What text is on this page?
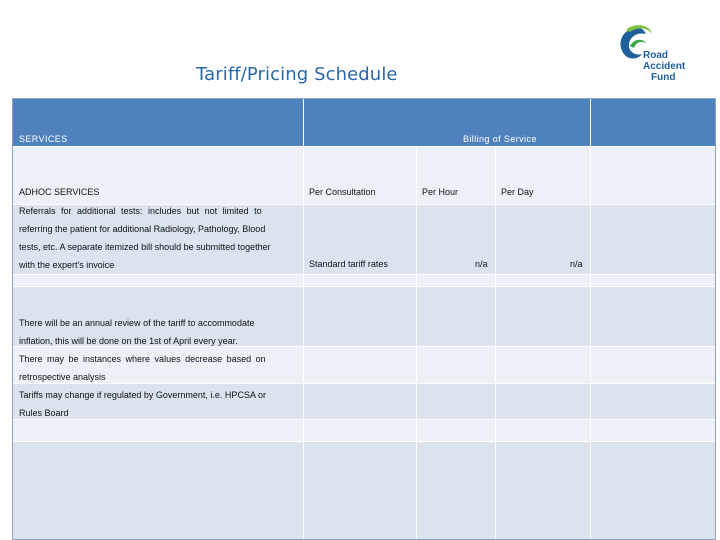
Tariff/Pricing Schedule
Road
Accident
Fund
SERVICES	Billing of Service
ADHOC SERVICES	Per Consultation	Per Hour	Per Day
Referrals for additional tests: includes but not limited to
referring the patient for additional Radiology, Pathology, Blood
tests, etc. A separate itemized bill should be submitted together
with the expert's invoice	Standard tariff rates	n/a	n/a
There will be an annual review of the tariff to accommodate
inflation, this will be done on the 1st of April every year.
There may be instances where values decrease based on
retrospective analysis
Tariffs may change if regulated by Government, i.e. HPCSA or
Rules Board
